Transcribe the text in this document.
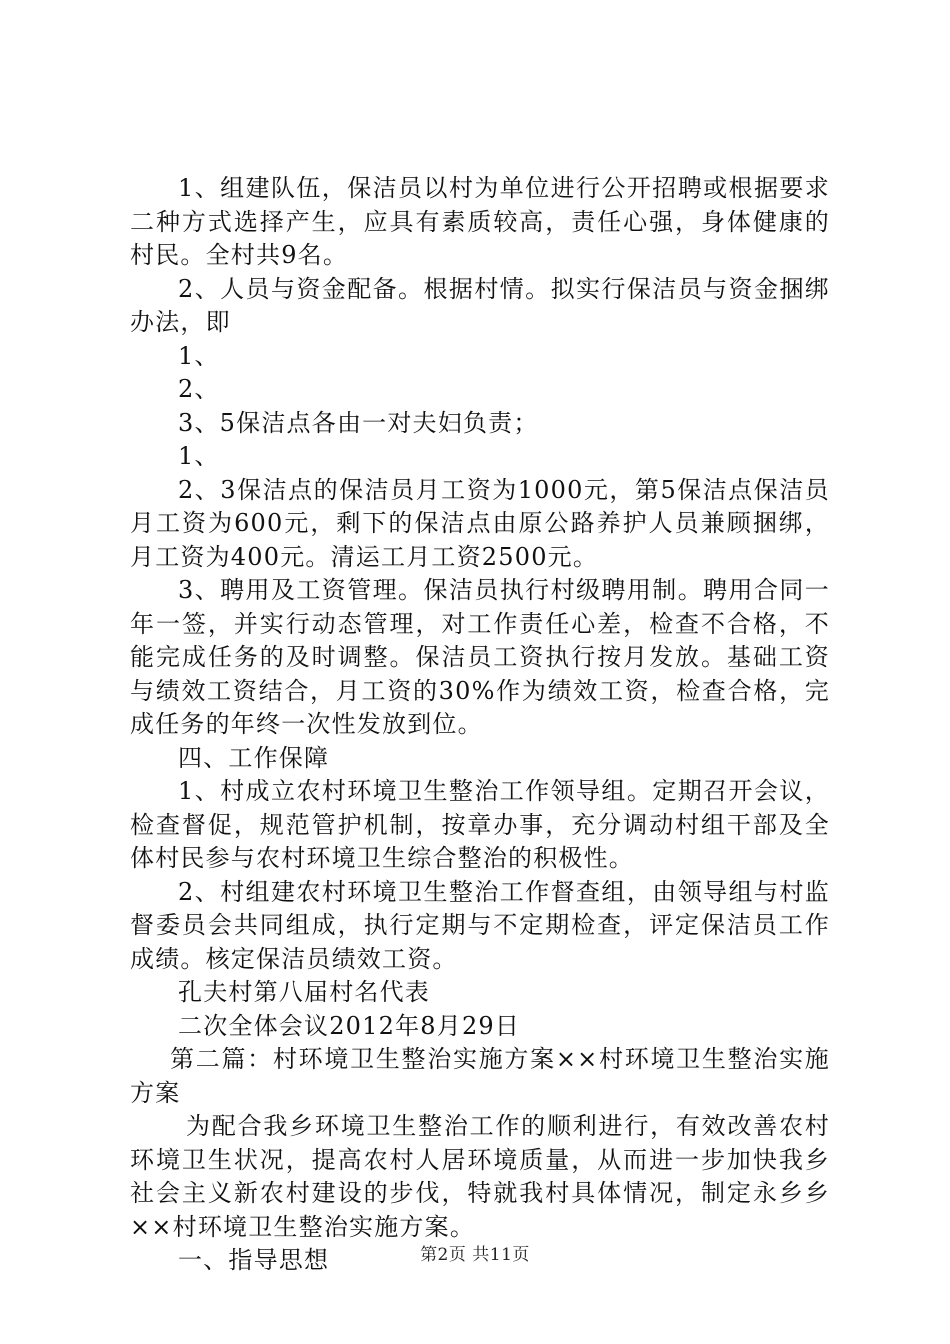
1、组建队伍，保洁员以村为单位进行公开招聘或根据要求二种方式选择产生，应具有素质较高，责任心强，身体健康的村民。全村共9名。

2、人员与资金配备。根据村情。拟实行保洁员与资金捆绑办法，即

1、

2、

3、5保洁点各由一对夫妇负责；

1、

2、3保洁点的保洁员月工资为1000元，第5保洁点保洁员月工资为600元，剩下的保洁点由原公路养护人员兼顾捆绑，月工资为400元。清运工月工资2500元。

3、聘用及工资管理。保洁员执行村级聘用制。聘用合同一年一签，并实行动态管理，对工作责任心差，检查不合格，不能完成任务的及时调整。保洁员工资执行按月发放。基础工资与绩效工资结合，月工资的30%作为绩效工资，检查合格，完成任务的年终一次性发放到位。

四、工作保障

1、村成立农村环境卫生整治工作领导组。定期召开会议，检查督促，规范管护机制，按章办事，充分调动村组干部及全体村民参与农村环境卫生综合整治的积极性。

2、村组建农村环境卫生整治工作督查组，由领导组与村监督委员会共同组成，执行定期与不定期检查，评定保洁员工作成绩。核定保洁员绩效工资。

孔夫村第八届村名代表

二次全体会议2012年8月29日

第二篇：村环境卫生整治实施方案××村环境卫生整治实施方案

为配合我乡环境卫生整治工作的顺利进行，有效改善农村环境卫生状况，提高农村人居环境质量，从而进一步加快我乡社会主义新农村建设的步伐，特就我村具体情况，制定永乡乡××村环境卫生整治实施方案。

一、指导思想	第2页 共11页
